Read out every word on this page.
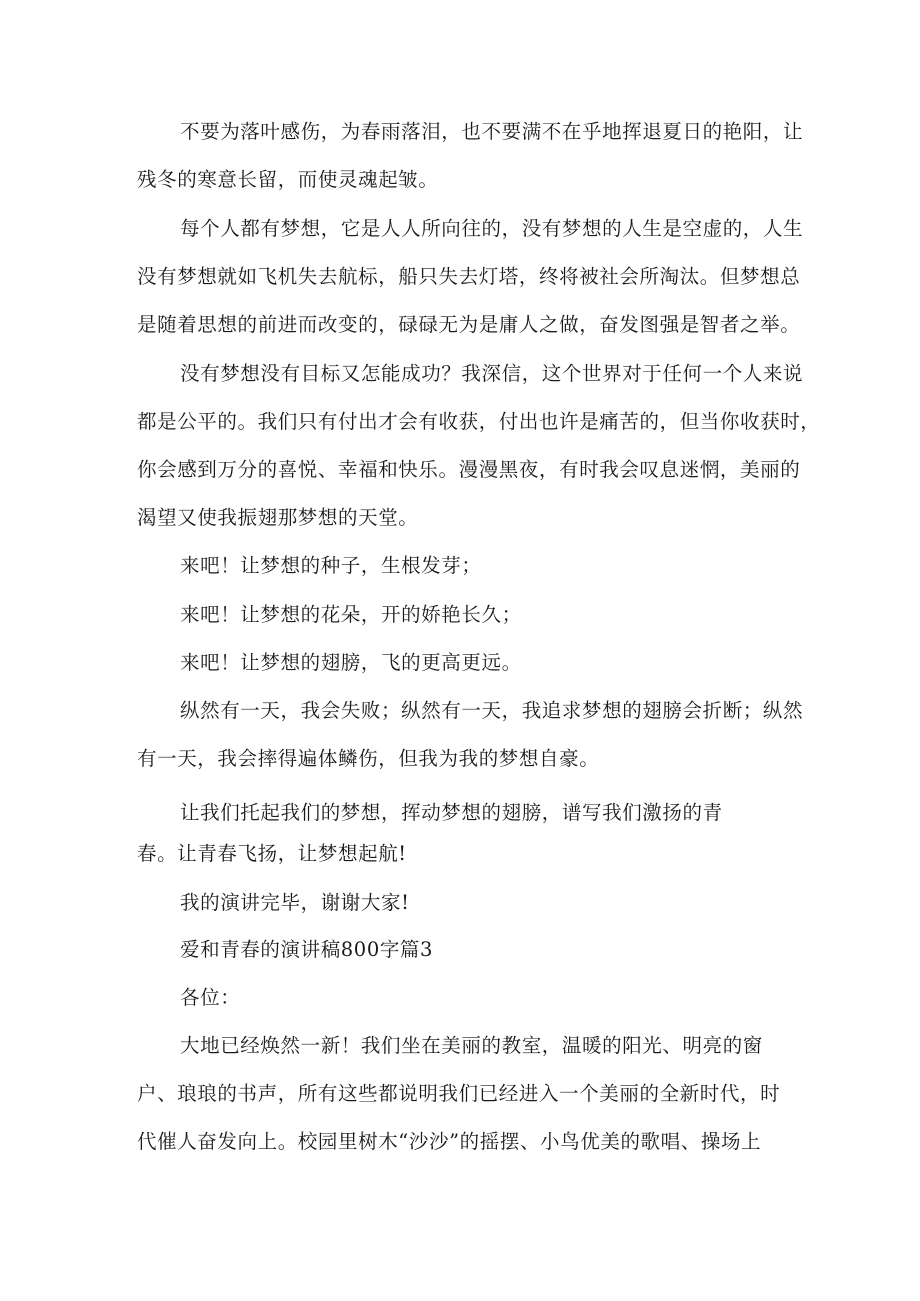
不要为落叶感伤，为春雨落泪，也不要满不在乎地挥退夏日的艳阳，让
残冬的寒意长留，而使灵魂起皱。
每个人都有梦想，它是人人所向往的，没有梦想的人生是空虚的，人生
没有梦想就如飞机失去航标，船只失去灯塔，终将被社会所淘汰。但梦想总
是随着思想的前进而改变的，碌碌无为是庸人之做，奋发图强是智者之举。
没有梦想没有目标又怎能成功？我深信，这个世界对于任何一个人来说
都是公平的。我们只有付出才会有收获，付出也许是痛苦的，但当你收获时，
你会感到万分的喜悦、幸福和快乐。漫漫黑夜，有时我会叹息迷惘，美丽的
渴望又使我振翅那梦想的天堂。
来吧！让梦想的种子，生根发芽；
来吧！让梦想的花朵，开的娇艳长久；
来吧！让梦想的翅膀，飞的更高更远。
纵然有一天，我会失败；纵然有一天，我追求梦想的翅膀会折断；纵然
有一天，我会摔得遍体鳞伤，但我为我的梦想自豪。
让我们托起我们的梦想，挥动梦想的翅膀，谱写我们激扬的青
春。让青春飞扬，让梦想起航!
我的演讲完毕，谢谢大家!
爱和青春的演讲稿800字篇3
各位：
大地已经焕然一新！我们坐在美丽的教室，温暖的阳光、明亮的窗
户、琅琅的书声，所有这些都说明我们已经进入一个美丽的全新时代，时
代催人奋发向上。校园里树木“沙沙”的摇摆、小鸟优美的歌唱、操场上
